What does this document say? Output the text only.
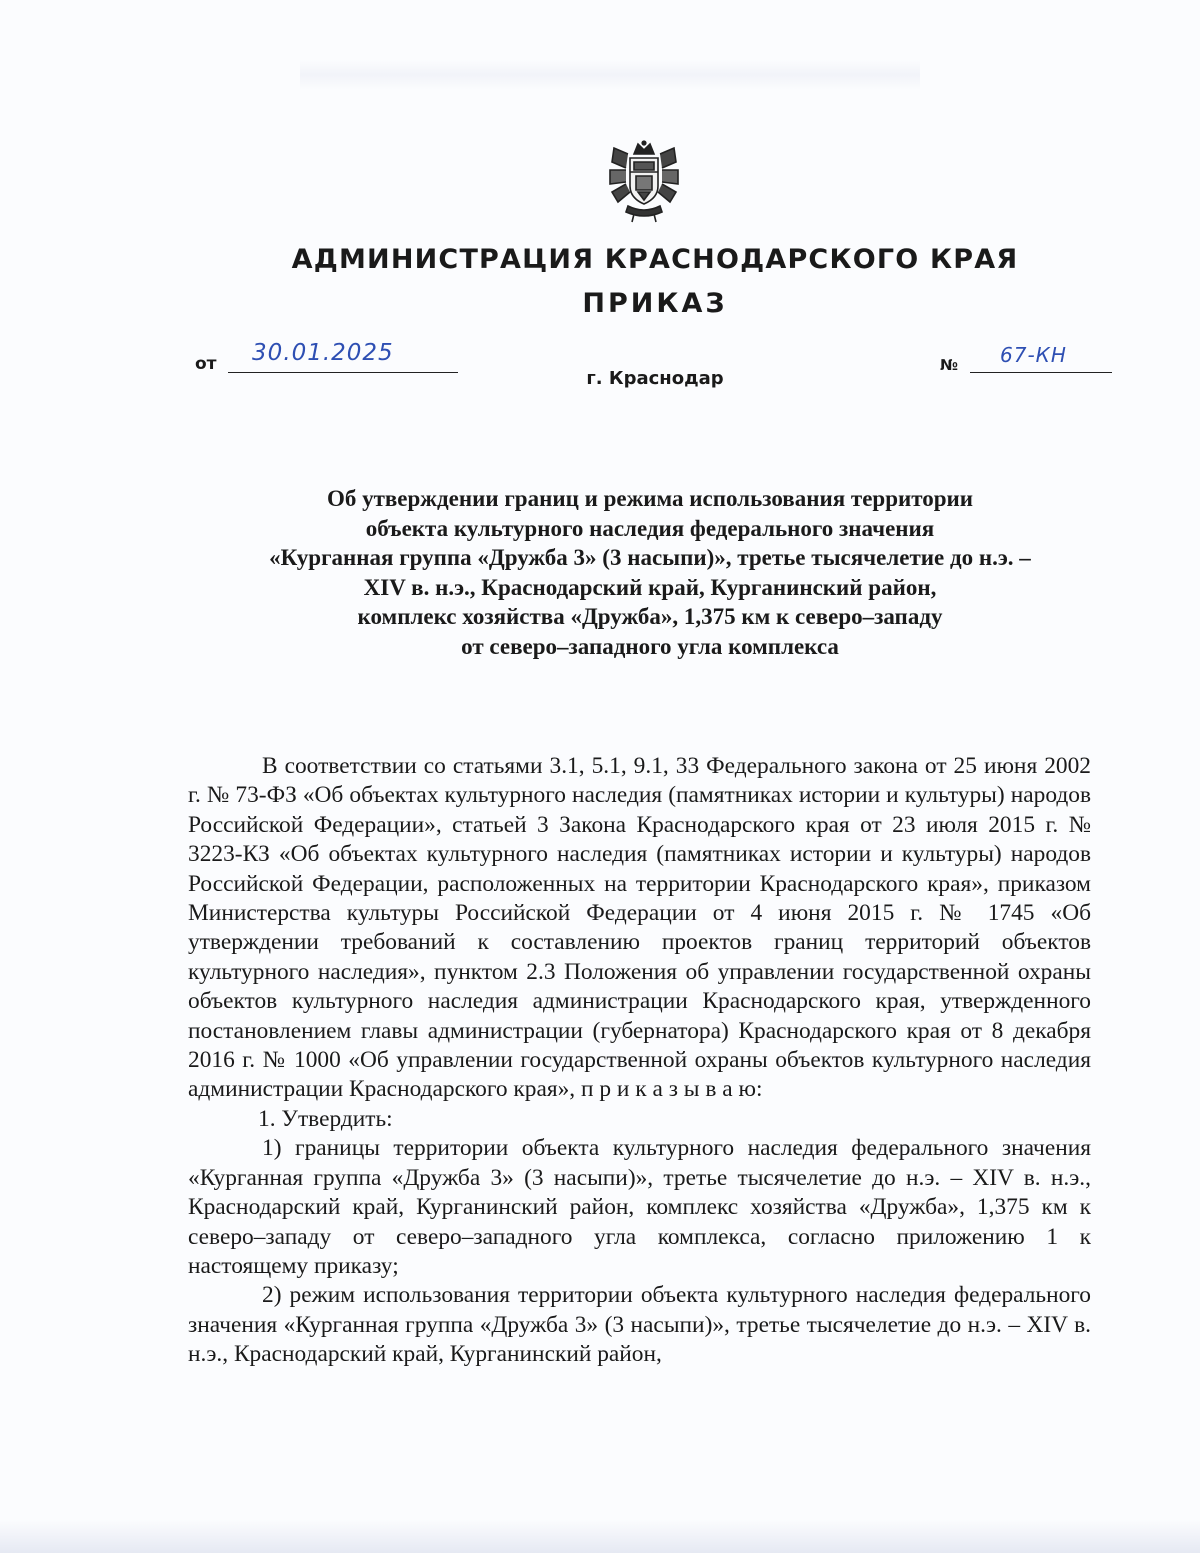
АДМИНИСТРАЦИЯ КРАСНОДАРСКОГО КРАЯ
ПРИКАЗ
от 30.01.2025
г. Краснодар
№ 67-КН
Об утверждении границ и режима использования территории
объекта культурного наследия федерального значения
«Курганная группа «Дружба 3» (3 насыпи)», третье тысячелетие до н.э. –
XIV в. н.э., Краснодарский край, Курганинский район,
комплекс хозяйства «Дружба», 1,375 км к северо–западу
от северо–западного угла комплекса

В соответствии со статьями 3.1, 5.1, 9.1, 33 Федерального закона от 25 июня 2002 г. № 73-ФЗ «Об объектах культурного наследия (памятниках истории и культуры) народов Российской Федерации», статьей 3 Закона Краснодарского края от 23 июля 2015 г. № 3223-КЗ «Об объектах культурного наследия (памятниках истории и культуры) народов Российской Федерации, расположенных на территории Краснодарского края», приказом Министерства культуры Российской Федерации от 4 июня 2015 г. № 1745 «Об утверждении требований к составлению проектов границ территорий объектов культурного наследия», пунктом 2.3 Положения об управлении государственной охраны объектов культурного наследия администрации Краснодарского края, утвержденного постановлением главы администрации (губернатора) Краснодарского края от 8 декабря 2016 г. № 1000 «Об управлении государственной охраны объектов культурного наследия администрации Краснодарского края», п р и к а з ы в а ю:

1. Утвердить:

1) границы территории объекта культурного наследия федерального значения «Курганная группа «Дружба 3» (3 насыпи)», третье тысячелетие до н.э. – XIV в. н.э., Краснодарский край, Курганинский район, комплекс хозяйства «Дружба», 1,375 км к северо–западу от северо–западного угла комплекса, согласно приложению 1 к настоящему приказу;

2) режим использования территории объекта культурного наследия федерального значения «Курганная группа «Дружба 3» (3 насыпи)», третье тысячелетие до н.э. – XIV в. н.э., Краснодарский край, Курганинский район,
